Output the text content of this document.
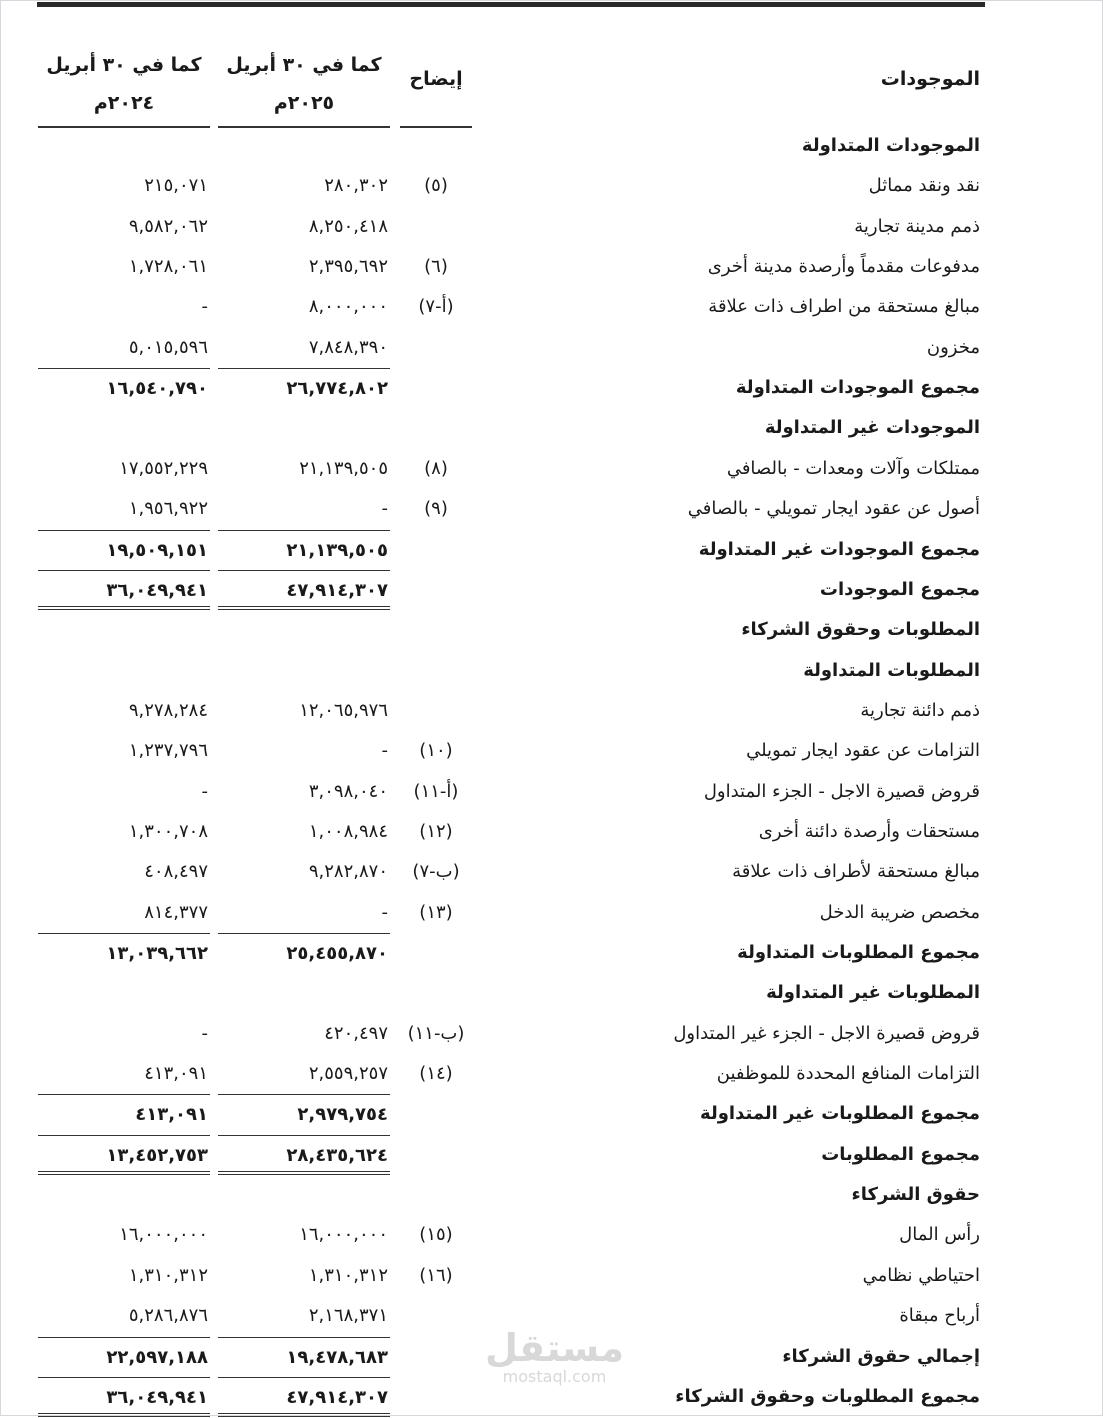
كما في ٣٠ أبريل
٢٠٢٤م
كما في ٣٠ أبريل
٢٠٢٥م
إيضاح	الموجودات
الموجودات المتداولة
نقد ونقد مماثل
(٥)
٢٨٠,٣٠٢
٢١٥,٠٧١
ذمم مدينة تجارية
٨,٢٥٠,٤١٨
٩,٥٨٢,٠٦٢
مدفوعات مقدماً وأرصدة مدينة أخرى
(٦)
٢,٣٩٥,٦٩٢
١,٧٢٨,٠٦١
مبالغ مستحقة من اطراف ذات علاقة
(أ-٧)
٨,٠٠٠,٠٠٠
-
مخزون
٧,٨٤٨,٣٩٠
٥,٠١٥,٥٩٦
مجموع الموجودات المتداولة
٢٦,٧٧٤,٨٠٢
١٦,٥٤٠,٧٩٠
الموجودات غير المتداولة
ممتلكات وآلات ومعدات - بالصافي
(٨)
٢١,١٣٩,٥٠٥
١٧,٥٥٢,٢٢٩
أصول عن عقود ايجار تمويلي - بالصافي
(٩)
-
١,٩٥٦,٩٢٢
مجموع الموجودات غير المتداولة
٢١,١٣٩,٥٠٥
١٩,٥٠٩,١٥١
مجموع الموجودات
٤٧,٩١٤,٣٠٧
٣٦,٠٤٩,٩٤١
المطلوبات وحقوق الشركاء
المطلوبات المتداولة
ذمم دائنة تجارية
١٢,٠٦٥,٩٧٦
٩,٢٧٨,٢٨٤
التزامات عن عقود ايجار تمويلي
(١٠)
-
١,٢٣٧,٧٩٦
قروض قصيرة الاجل - الجزء المتداول
(أ-١١)
٣,٠٩٨,٠٤٠
-
مستحقات وأرصدة دائنة أخرى
(١٢)
١,٠٠٨,٩٨٤
١,٣٠٠,٧٠٨
مبالغ مستحقة لأطراف ذات علاقة
(ب-٧)
٩,٢٨٢,٨٧٠
٤٠٨,٤٩٧
مخصص ضريبة الدخل
(١٣)
-
٨١٤,٣٧٧
مجموع المطلوبات المتداولة
٢٥,٤٥٥,٨٧٠
١٣,٠٣٩,٦٦٢
المطلوبات غير المتداولة
قروض قصيرة الاجل - الجزء غير المتداول
(ب-١١)
٤٢٠,٤٩٧
-
التزامات المنافع المحددة للموظفين
(١٤)
٢,٥٥٩,٢٥٧
٤١٣,٠٩١
مجموع المطلوبات غير المتداولة
٢,٩٧٩,٧٥٤
٤١٣,٠٩١
مجموع المطلوبات
٢٨,٤٣٥,٦٢٤
١٣,٤٥٢,٧٥٣
حقوق الشركاء
رأس المال
(١٥)
١٦,٠٠٠,٠٠٠
١٦,٠٠٠,٠٠٠
احتياطي نظامي
(١٦)
١,٣١٠,٣١٢
١,٣١٠,٣١٢
أرباح مبقاة
٢,١٦٨,٣٧١
٥,٢٨٦,٨٧٦
إجمالي حقوق الشركاء
١٩,٤٧٨,٦٨٣
٢٢,٥٩٧,١٨٨
مجموع المطلوبات وحقوق الشركاء
٤٧,٩١٤,٣٠٧
٣٦,٠٤٩,٩٤١
مستقل
mostaql.com
